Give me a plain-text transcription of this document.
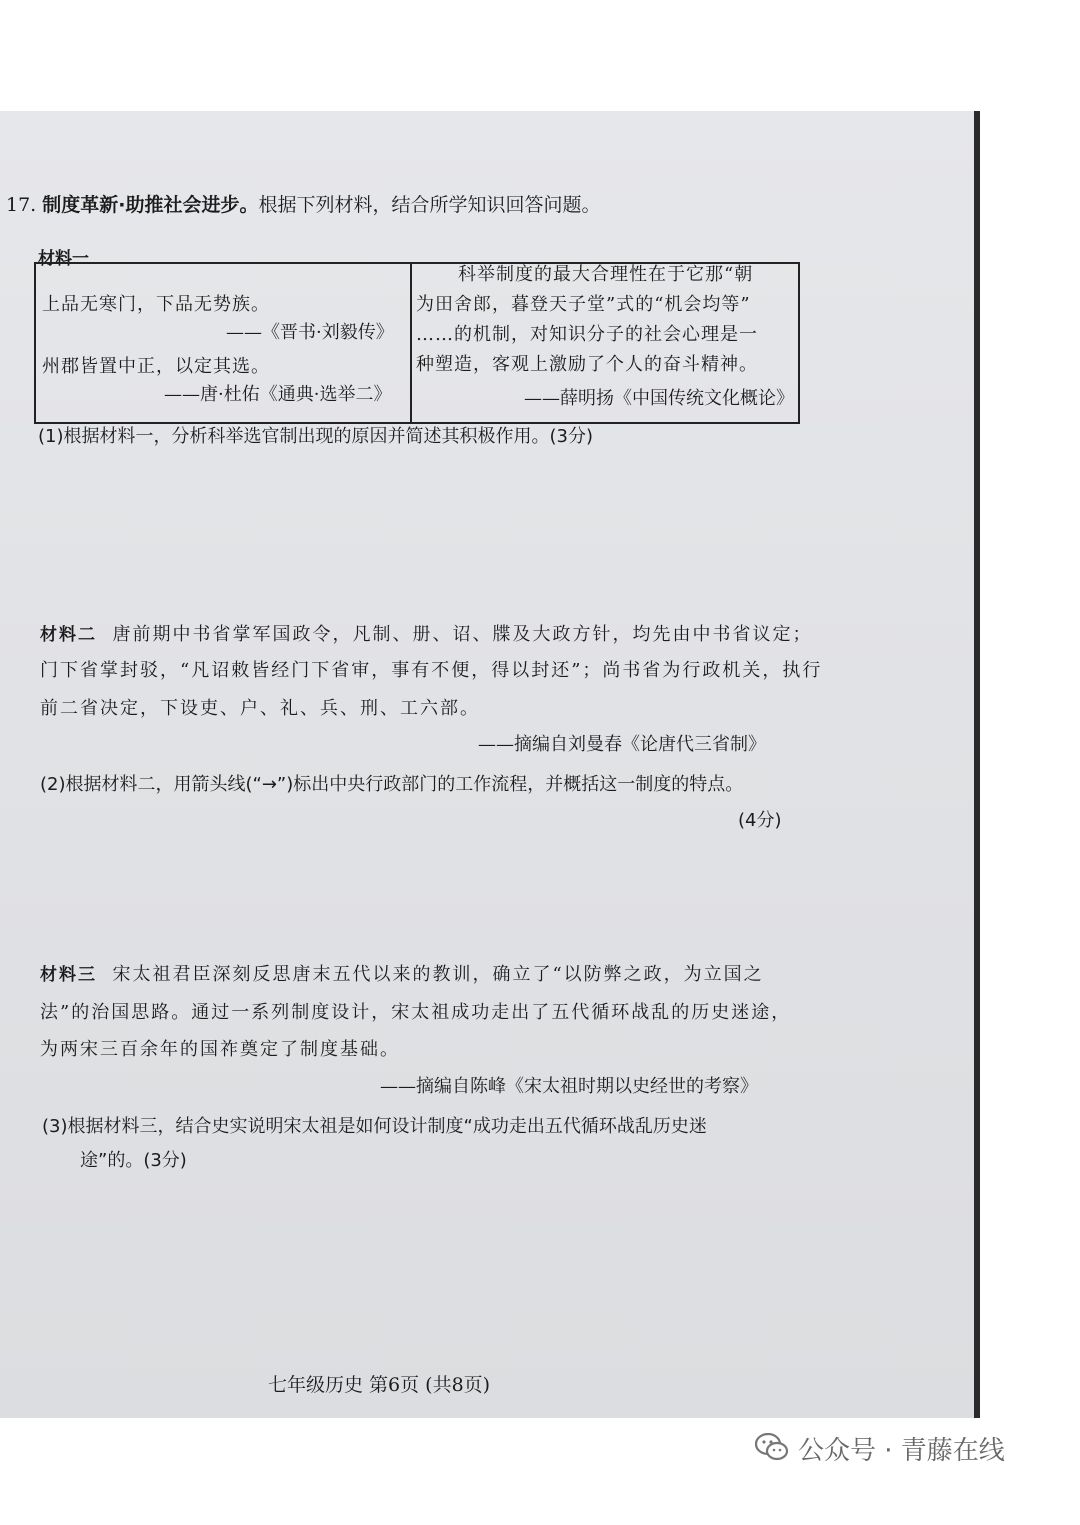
17. 制度革新·助推社会进步。根据下列材料，结合所学知识回答问题。
材料一
上品无寒门，下品无势族。
——《晋书·刘毅传》
州郡皆置中正，以定其选。
——唐·杜佑《通典·选举二》
科举制度的最大合理性在于它那“朝
为田舍郎，暮登天子堂”式的“机会均等”
……的机制，对知识分子的社会心理是一
种塑造，客观上激励了个人的奋斗精神。
——薛明扬《中国传统文化概论》
(1)根据材料一，分析科举选官制出现的原因并简述其积极作用。(3分)
材料二 唐前期中书省掌军国政令，凡制、册、诏、牒及大政方针，均先由中书省议定；
门下省掌封驳，“凡诏敕皆经门下省审，事有不便，得以封还”；尚书省为行政机关，执行
前二省决定，下设吏、户、礼、兵、刑、工六部。
——摘编自刘曼春《论唐代三省制》
(2)根据材料二，用箭头线(“→”)标出中央行政部门的工作流程，并概括这一制度的特点。
(4分)
材料三 宋太祖君臣深刻反思唐末五代以来的教训，确立了“以防弊之政，为立国之
法”的治国思路。通过一系列制度设计，宋太祖成功走出了五代循环战乱的历史迷途，
为两宋三百余年的国祚奠定了制度基础。
——摘编自陈峰《宋太祖时期以史经世的考察》
(3)根据材料三，结合史实说明宋太祖是如何设计制度“成功走出五代循环战乱历史迷
途”的。(3分)
七年级历史 第6页 (共8页)
公众号 · 青藤在线
